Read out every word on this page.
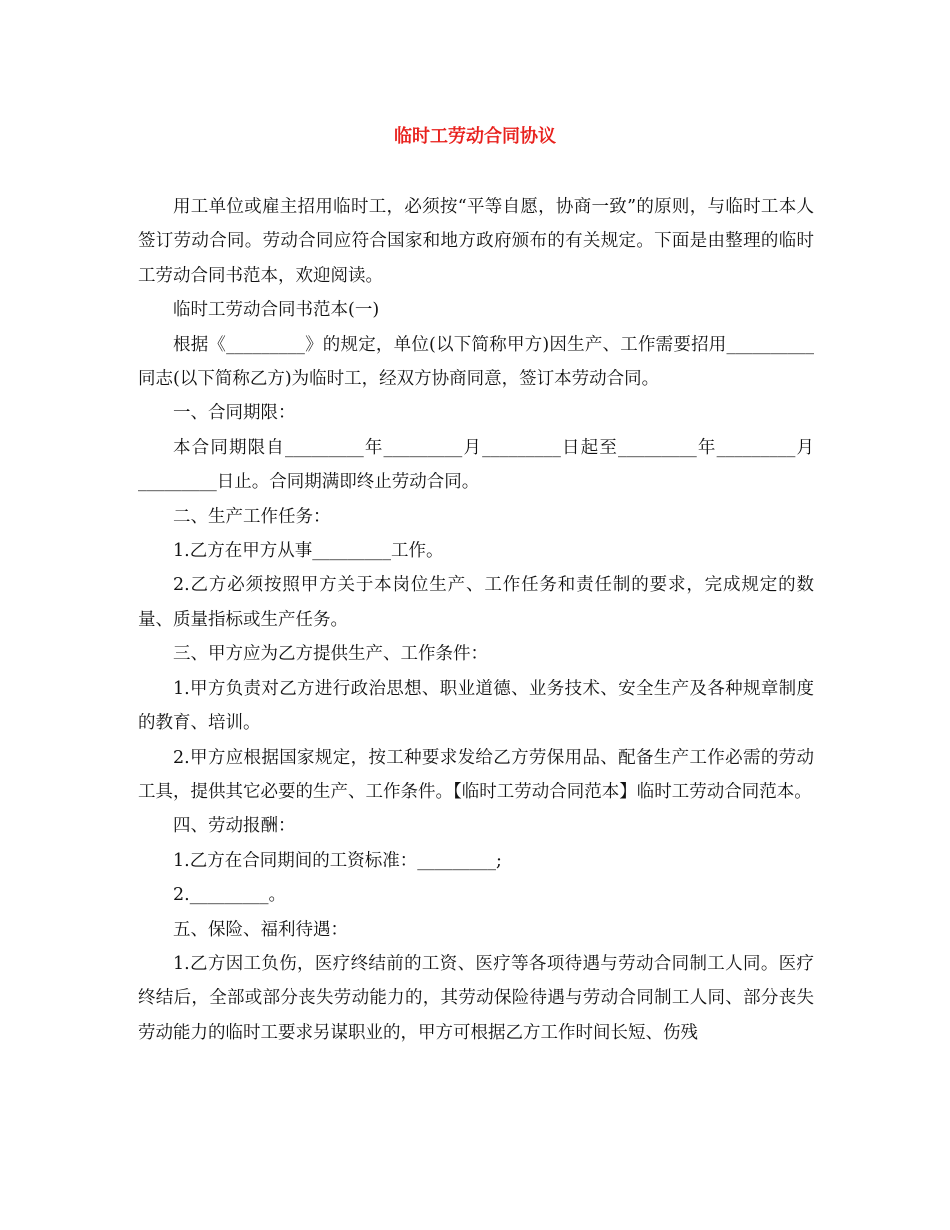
临时工劳动合同协议

用工单位或雇主招用临时工，必须按“平等自愿，协商一致”的原则，与临时工本人签订劳动合同。劳动合同应符合国家和地方政府颁布的有关规定。下面是由整理的临时工劳动合同书范本，欢迎阅读。

临时工劳动合同书范本(一)

根据《_________》的规定，单位(以下简称甲方)因生产、工作需要招用__________同志(以下简称乙方)为临时工，经双方协商同意，签订本劳动合同。

一、合同期限：

本合同期限自_________年_________月_________日起至_________年_________月_________日止。合同期满即终止劳动合同。

二、生产工作任务：

1.乙方在甲方从事_________工作。

2.乙方必须按照甲方关于本岗位生产、工作任务和责任制的要求，完成规定的数量、质量指标或生产任务。

三、甲方应为乙方提供生产、工作条件：

1.甲方负责对乙方进行政治思想、职业道德、业务技术、安全生产及各种规章制度的教育、培训。

2.甲方应根据国家规定，按工种要求发给乙方劳保用品、配备生产工作必需的劳动工具，提供其它必要的生产、工作条件。【临时工劳动合同范本】临时工劳动合同范本。

四、劳动报酬：

1.乙方在合同期间的工资标准：_________;

2._________。

五、保险、福利待遇：

1.乙方因工负伤，医疗终结前的工资、医疗等各项待遇与劳动合同制工人同。医疗终结后，全部或部分丧失劳动能力的，其劳动保险待遇与劳动合同制工人同、部分丧失劳动能力的临时工要求另谋职业的，甲方可根据乙方工作时间长短、伤残
